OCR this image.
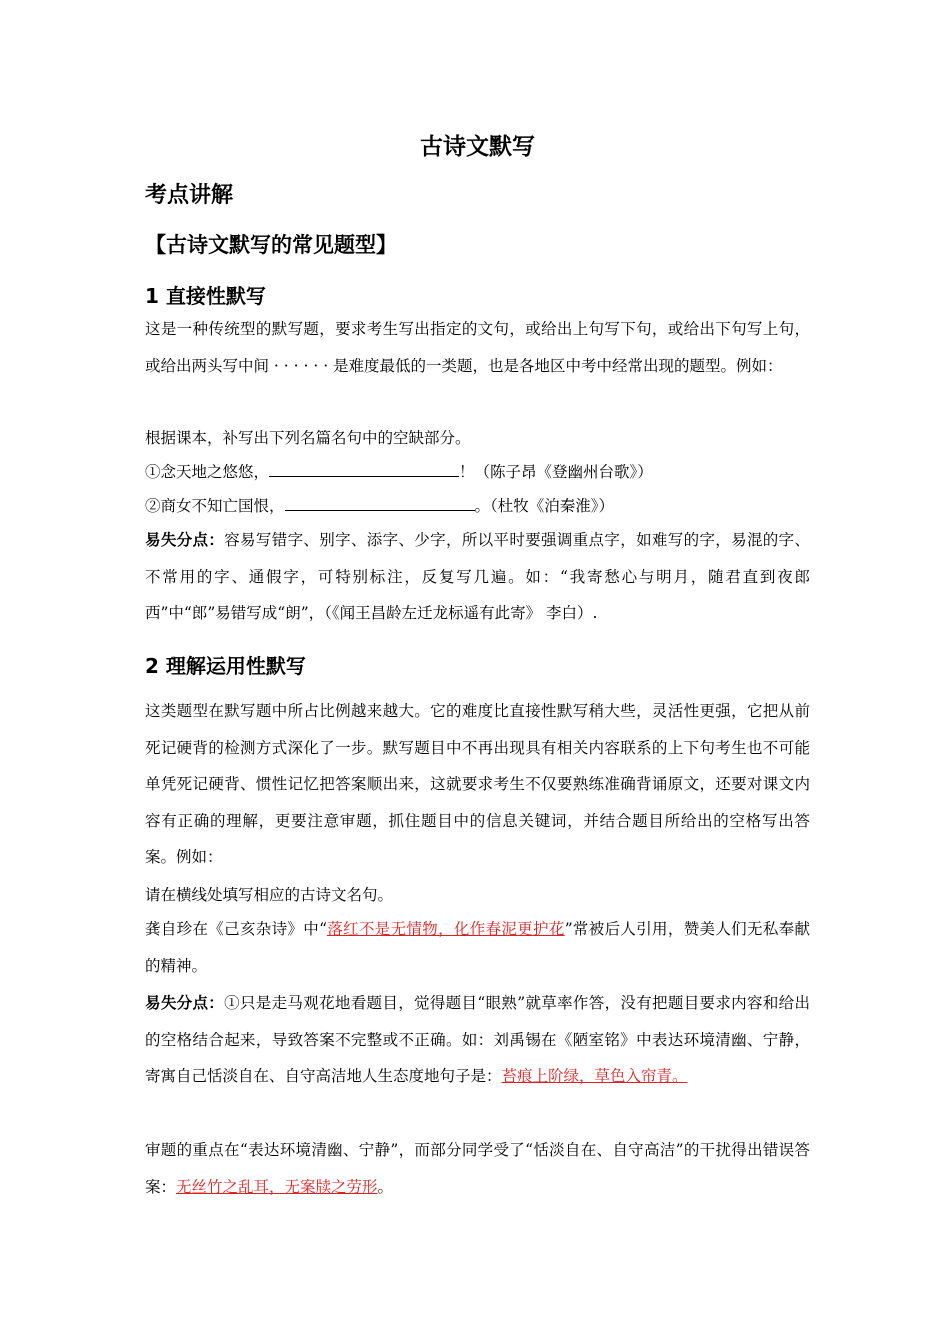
古诗文默写
考点讲解
【古诗文默写的常见题型】
1 直接性默写
这是一种传统型的默写题，要求考生写出指定的文句，或给出上句写下句，或给出下句写上句，或给出两头写中间 · · · · · · 是难度最低的一类题，也是各地区中考中经常出现的题型。例如：
根据课本，补写出下列名篇名句中的空缺部分。
①念天地之悠悠，	！（陈子昂《登幽州台歌》）
②商女不知亡国恨，	。（杜牧《泊秦淮》）
易失分点：容易写错字、别字、添字、少字，所以平时要强调重点字，如难写的字，易混的字、不常用的字、通假字，可特别标注，反复写几遍。如：“我寄愁心与明月，随君直到夜郎西”中“郎”易错写成“朗”，（《闻王昌龄左迁龙标遥有此寄》 李白）.
2 理解运用性默写
这类题型在默写题中所占比例越来越大。它的难度比直接性默写稍大些，灵活性更强，它把从前死记硬背的检测方式深化了一步。默写题目中不再出现具有相关内容联系的上下句考生也不可能单凭死记硬背、惯性记忆把答案顺出来，这就要求考生不仅要熟练准确背诵原文，还要对课文内容有正确的理解，更要注意审题，抓住题目中的信息关键词，并结合题目所给出的空格写出答案。例如：
请在横线处填写相应的古诗文名句。
龚自珍在《己亥杂诗》中“落红不是无情物，化作春泥更护花”常被后人引用，赞美人们无私奉献的精神。
易失分点：①只是走马观花地看题目，觉得题目“眼熟”就草率作答，没有把题目要求内容和给出的空格结合起来，导致答案不完整或不正确。如：刘禹锡在《陋室铭》中表达环境清幽、宁静，寄寓自己恬淡自在、自守高洁地人生态度地句子是：苔痕上阶绿，草色入帘青。
审题的重点在“表达环境清幽、宁静”，而部分同学受了“恬淡自在、自守高洁”的干扰得出错误答案：无丝竹之乱耳，无案牍之劳形。
